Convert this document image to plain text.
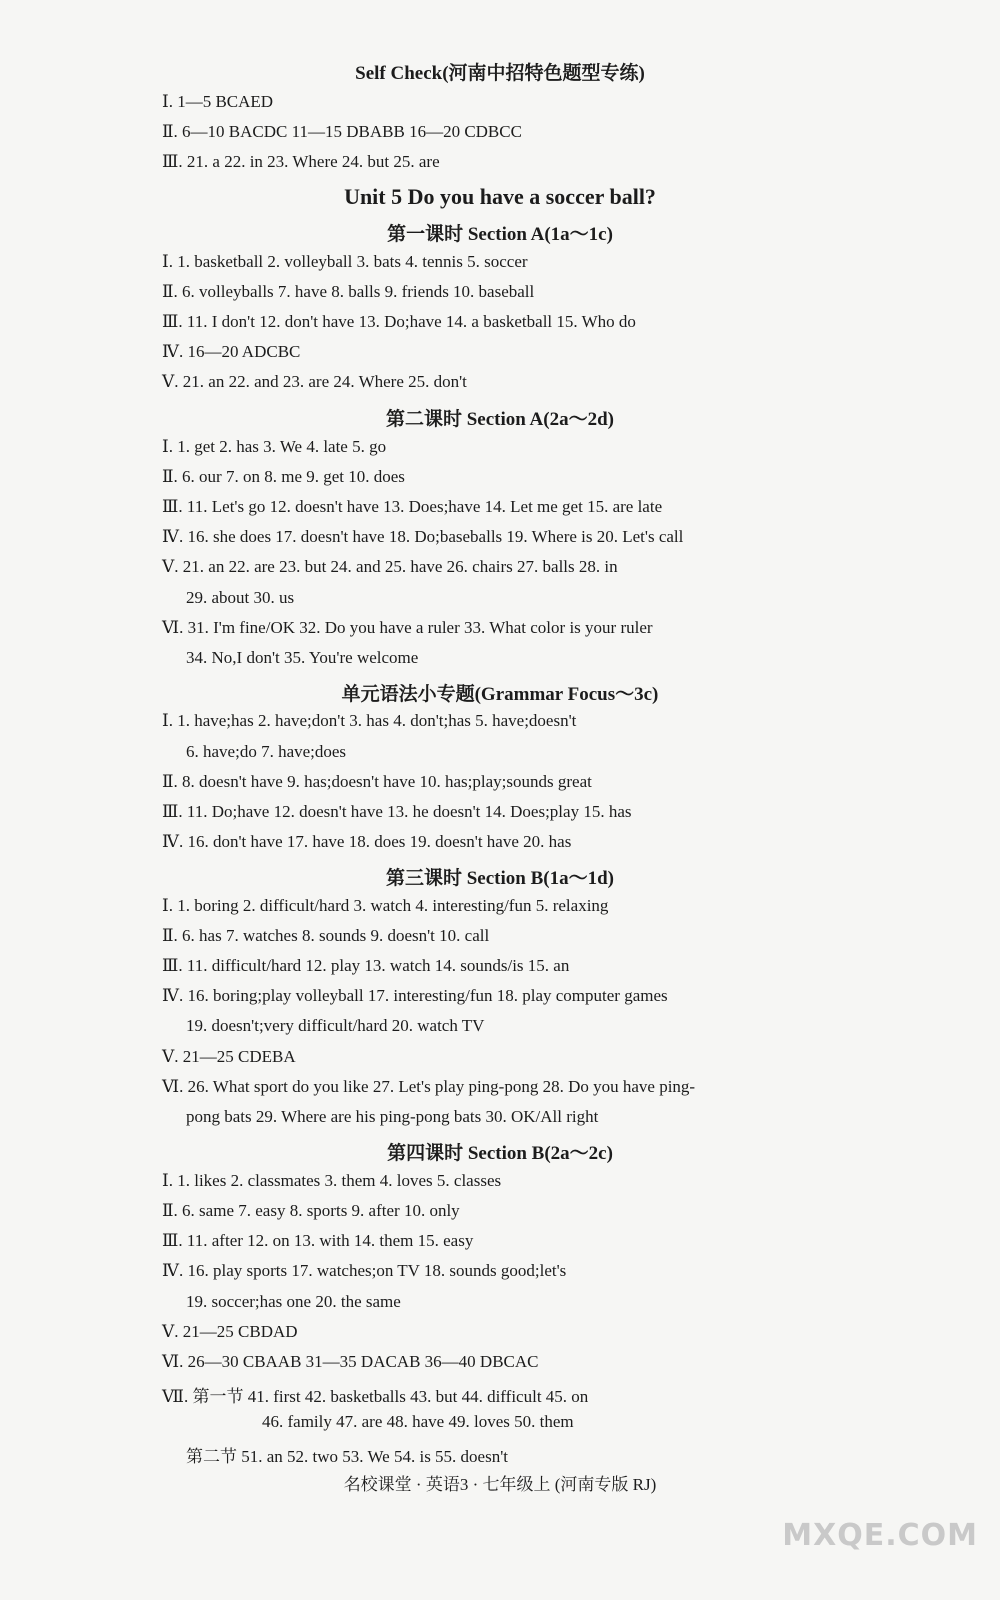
Self Check(河南中招特色题型专练)
Ⅰ. 1—5 BCAED
Ⅱ. 6—10 BACDC 11—15 DBABB 16—20 CDBCC
Ⅲ. 21. a 22. in 23. Where 24. but 25. are
Unit 5 Do you have a soccer ball?
第一课时 Section A(1a～1c)
Ⅰ. 1. basketball 2. volleyball 3. bats 4. tennis 5. soccer
Ⅱ. 6. volleyballs 7. have 8. balls 9. friends 10. baseball
Ⅲ. 11. I don't 12. don't have 13. Do;have 14. a basketball 15. Who do
Ⅳ. 16—20 ADCBC
Ⅴ. 21. an 22. and 23. are 24. Where 25. don't
第二课时 Section A(2a～2d)
Ⅰ. 1. get 2. has 3. We 4. late 5. go
Ⅱ. 6. our 7. on 8. me 9. get 10. does
Ⅲ. 11. Let's go 12. doesn't have 13. Does;have 14. Let me get 15. are late
Ⅳ. 16. she does 17. doesn't have 18. Do;baseballs 19. Where is 20. Let's call
Ⅴ. 21. an 22. are 23. but 24. and 25. have 26. chairs 27. balls 28. in
29. about 30. us
Ⅵ. 31. I'm fine/OK 32. Do you have a ruler 33. What color is your ruler
34. No,I don't 35. You're welcome
单元语法小专题(Grammar Focus～3c)
Ⅰ. 1. have;has 2. have;don't 3. has 4. don't;has 5. have;doesn't
6. have;do 7. have;does
Ⅱ. 8. doesn't have 9. has;doesn't have 10. has;play;sounds great
Ⅲ. 11. Do;have 12. doesn't have 13. he doesn't 14. Does;play 15. has
Ⅳ. 16. don't have 17. have 18. does 19. doesn't have 20. has
第三课时 Section B(1a～1d)
Ⅰ. 1. boring 2. difficult/hard 3. watch 4. interesting/fun 5. relaxing
Ⅱ. 6. has 7. watches 8. sounds 9. doesn't 10. call
Ⅲ. 11. difficult/hard 12. play 13. watch 14. sounds/is 15. an
Ⅳ. 16. boring;play volleyball 17. interesting/fun 18. play computer games
19. doesn't;very difficult/hard 20. watch TV
Ⅴ. 21—25 CDEBA
Ⅵ. 26. What sport do you like 27. Let's play ping-pong 28. Do you have ping-
pong bats 29. Where are his ping-pong bats 30. OK/All right
第四课时 Section B(2a～2c)
Ⅰ. 1. likes 2. classmates 3. them 4. loves 5. classes
Ⅱ. 6. same 7. easy 8. sports 9. after 10. only
Ⅲ. 11. after 12. on 13. with 14. them 15. easy
Ⅳ. 16. play sports 17. watches;on TV 18. sounds good;let's
19. soccer;has one 20. the same
Ⅴ. 21—25 CBDAD
Ⅵ. 26—30 CBAAB 31—35 DACAB 36—40 DBCAC
Ⅶ. 第一节 41. first 42. basketballs 43. but 44. difficult 45. on
46. family 47. are 48. have 49. loves 50. them
第二节 51. an 52. two 53. We 54. is 55. doesn't
名校课堂 · 英语3 · 七年级上 (河南专版 RJ)
MXQE.COM
